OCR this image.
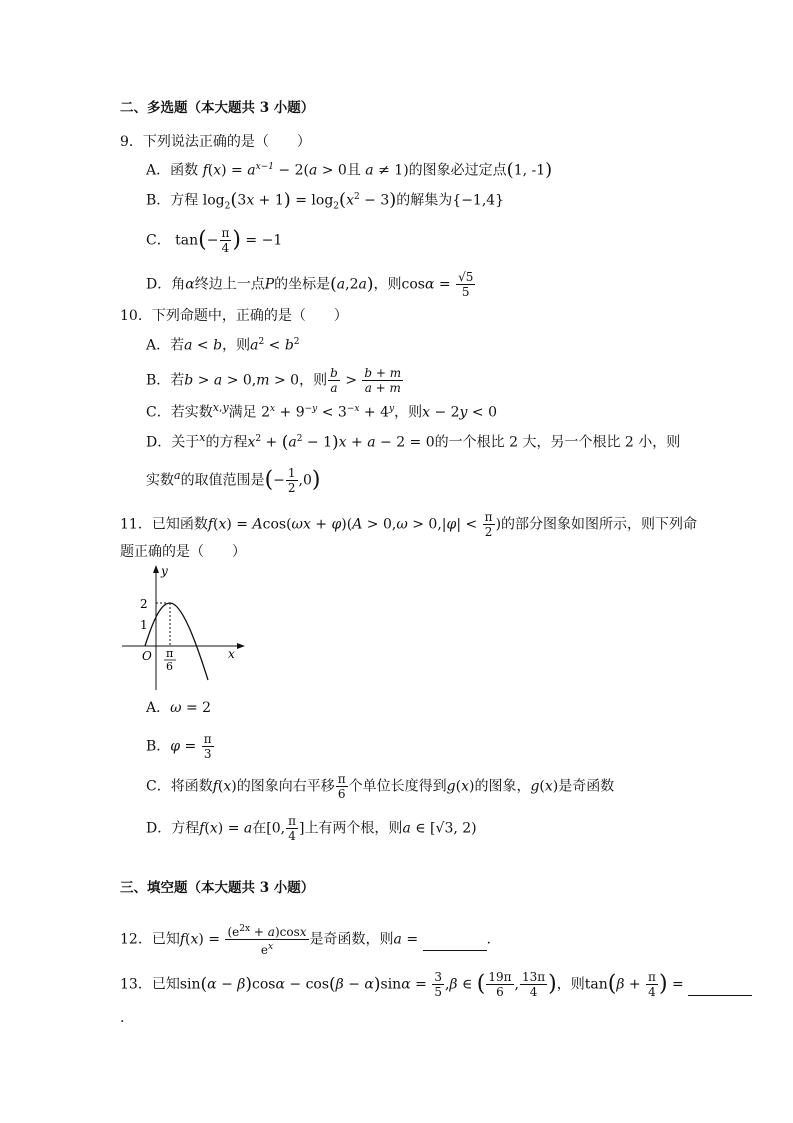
二、多选题（本大题共 3 小题）
9．下列说法正确的是（　　）
A．函数 $f(x) = a^{x-1} - 2(a > 0$且 a ≠ 1)的图象必过定点(1, -1)
B．方程 $\log_2(3x + 1) = \log_2(x^2 - 3)$的解集为{−1,4}
C． $\tan(- \frac{\pi}{4}$ ) = −1
D．角α终边上一点P的坐标是(a,2a)，则$\cos\alpha = \frac{√5}{5}$
10．下列命题中，正确的是（　　）
A．若a < b，则$a^2 < b^2$
B．若b > a > 0,m > 0，则 $\frac{b}{a} > \frac{b + m}{a + m}$
C．若实数$^{x,y}$满足 $2^x + 9^{-y} < 3^{-x} + 4^y$，则x − 2y < 0
D．关于$^x$的方程$x^2 + (a^2 - 1)x + a - 2 = 0$的一个根比 2 大，另一个根比 2 小，则
实数$^a$的取值范围是(− $\frac{1}{2} ,0$)
11．已知函数$f(x) = Acos(\omega x + \varphi)(A > 0,\omega > 0,|\varphi| < \frac{\pi}{2}$ )的部分图象如图所示，则下列命
题正确的是（　　）
y
x
O
2
1
π
6
A．ω = 2
B．$\varphi = \frac{\pi}{3}$
C．将函数f(x)的图象向右平移 $\frac{\pi}{6}$ 个单位长度得到g(x)的图象，g(x)是奇函数
D．方程f(x) = a在[0, $\frac{\pi}{4}$ ]上有两个根，则a ∈ [√3, 2)
三、填空题（本大题共 3 小题）
12．已知$f(x) = \frac{(e^{2x} + a)\cos x}{e^x}$ 是奇函数，则a =	.
13．已知$\sin(\alpha - \beta)\cos\alpha - \cos(\beta - \alpha)\sin\alpha = \frac{3}{5} ,\beta$ ∈ ( $\frac{19\pi}{6}$ , $\frac{13\pi}{4}$ )，则$\tan(\beta + \frac{\pi}{4}$ ) =
.
